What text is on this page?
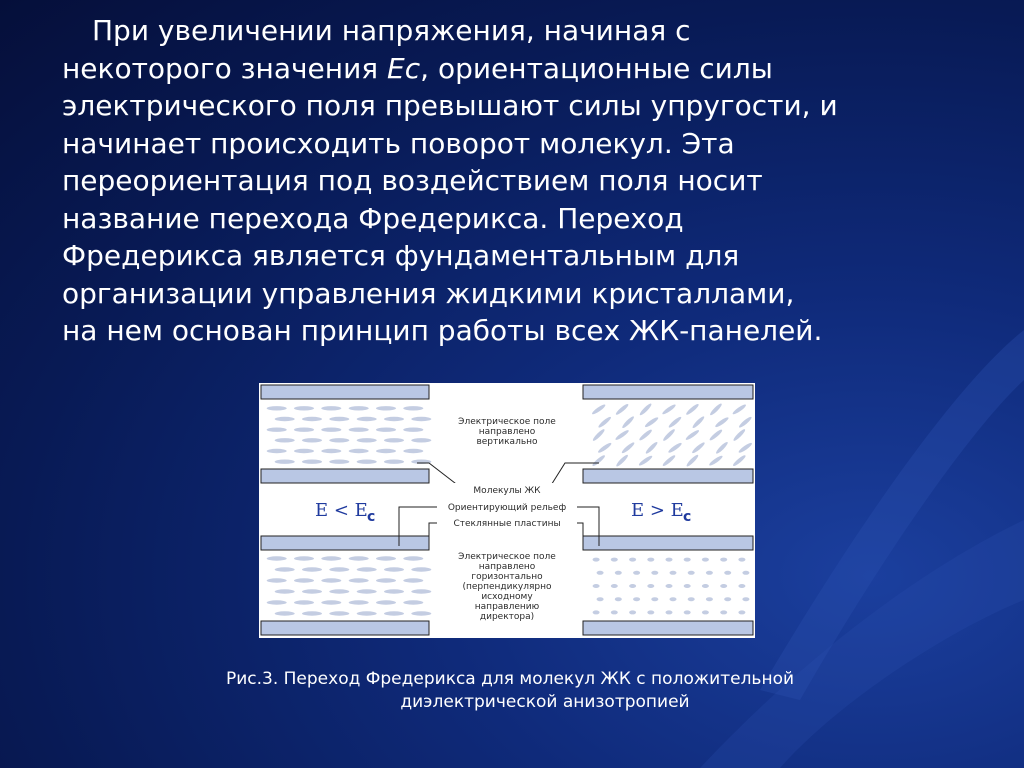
При увеличении напряжения, начиная с
некоторого значения Ec, ориентационные силы
электрического поля превышают силы упругости, и
начинает происходить поворот молекул. Эта
переориентация под воздействием поля носит
название перехода Фредерикса. Переход
Фредерикса является фундаментальным для
организации управления жидкими кристаллами,
на нем основан принцип работы всех ЖК-панелей.

Электрическое поле
направлено
вертикально
Молекулы ЖК
Ориентирующий рельеф
Стеклянные пластины
Электрическое поле
направлено
горизонтально
(перпендикулярно
исходному
направлению
директора)
E < E c	E > E c

Рис.3. Переход Фредерикса для молекул ЖК с положительной
диэлектрической анизотропией
